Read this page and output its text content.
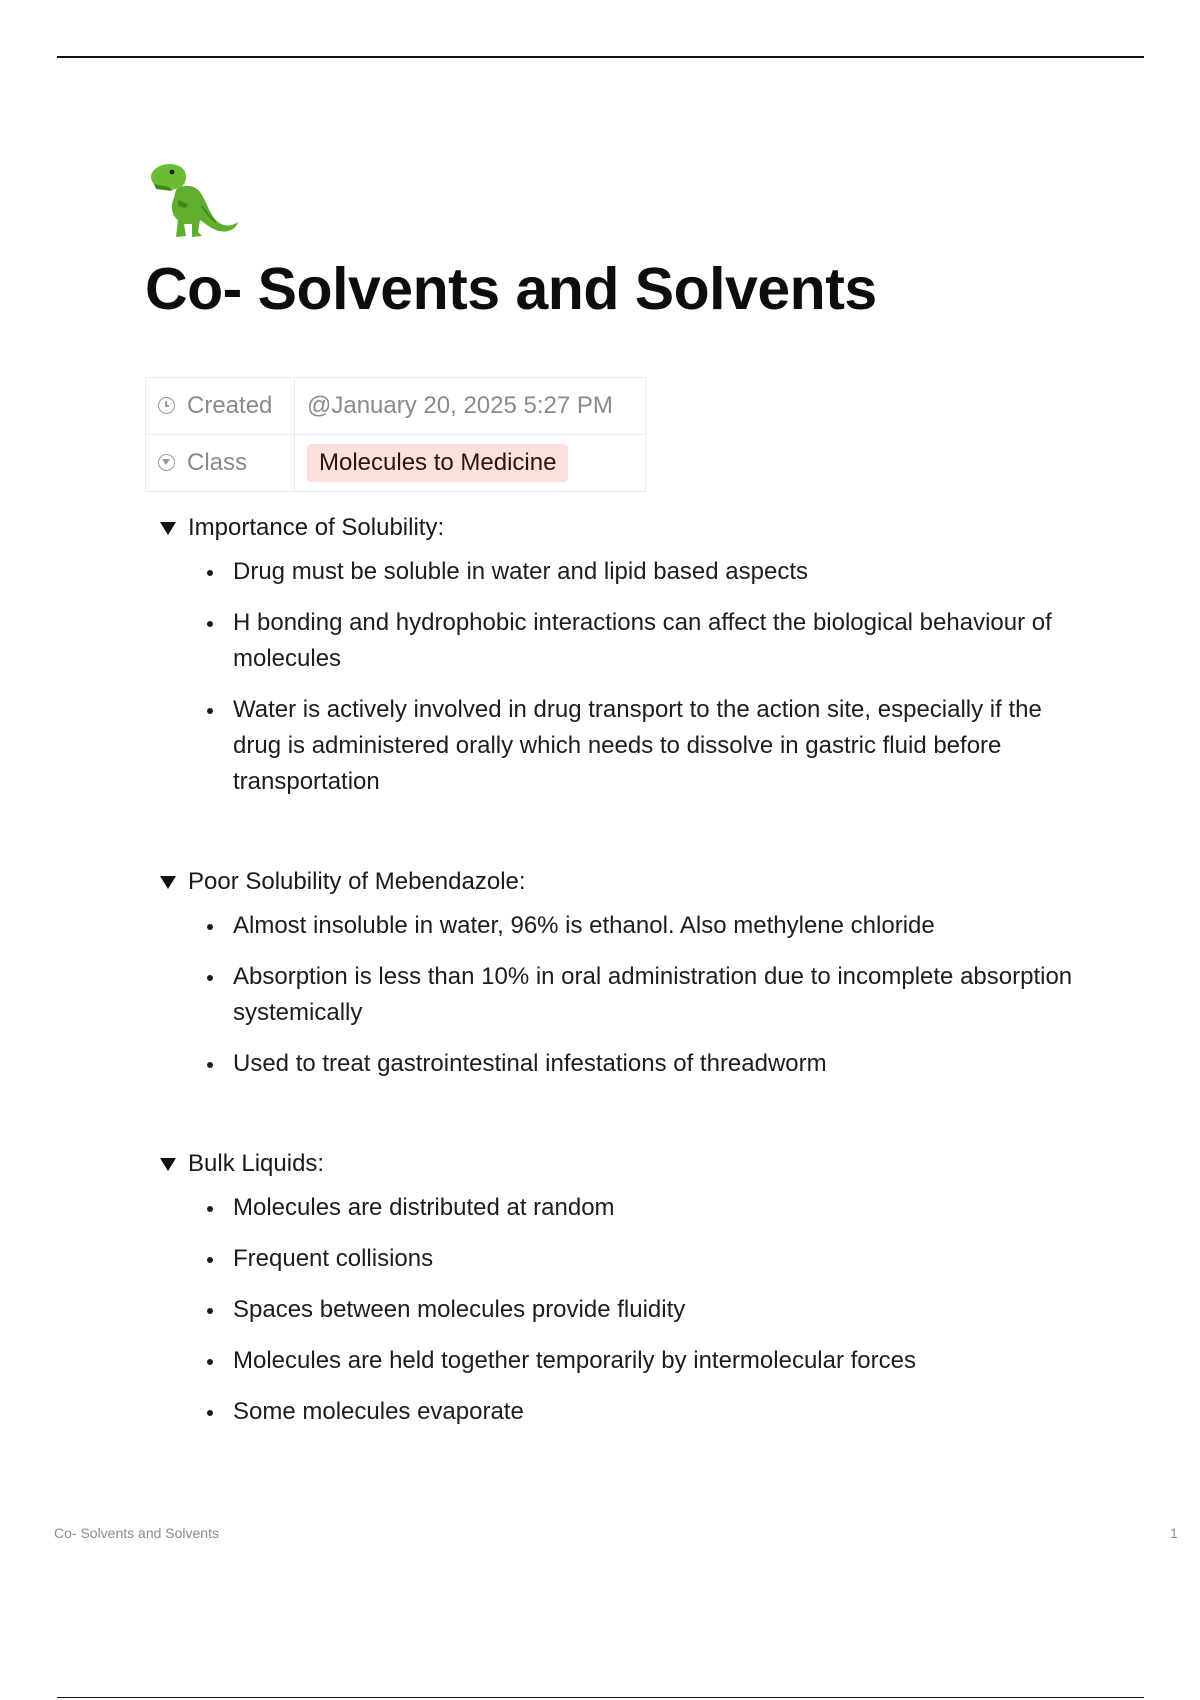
Co- Solvents and Solvents
Created	@January 20, 2025 5:27 PM
Class	Molecules to Medicine
Importance of Solubility:
Drug must be soluble in water and lipid based aspects
H bonding and hydrophobic interactions can affect the biological behaviour of molecules
Water is actively involved in drug transport to the action site, especially if the drug is administered orally which needs to dissolve in gastric fluid before transportation
Poor Solubility of Mebendazole:
Almost insoluble in water, 96% is ethanol. Also methylene chloride
Absorption is less than 10% in oral administration due to incomplete absorption systemically
Used to treat gastrointestinal infestations of threadworm
Bulk Liquids:
Molecules are distributed at random
Frequent collisions
Spaces between molecules provide fluidity
Molecules are held together temporarily by intermolecular forces
Some molecules evaporate
Co- Solvents and Solvents	1
